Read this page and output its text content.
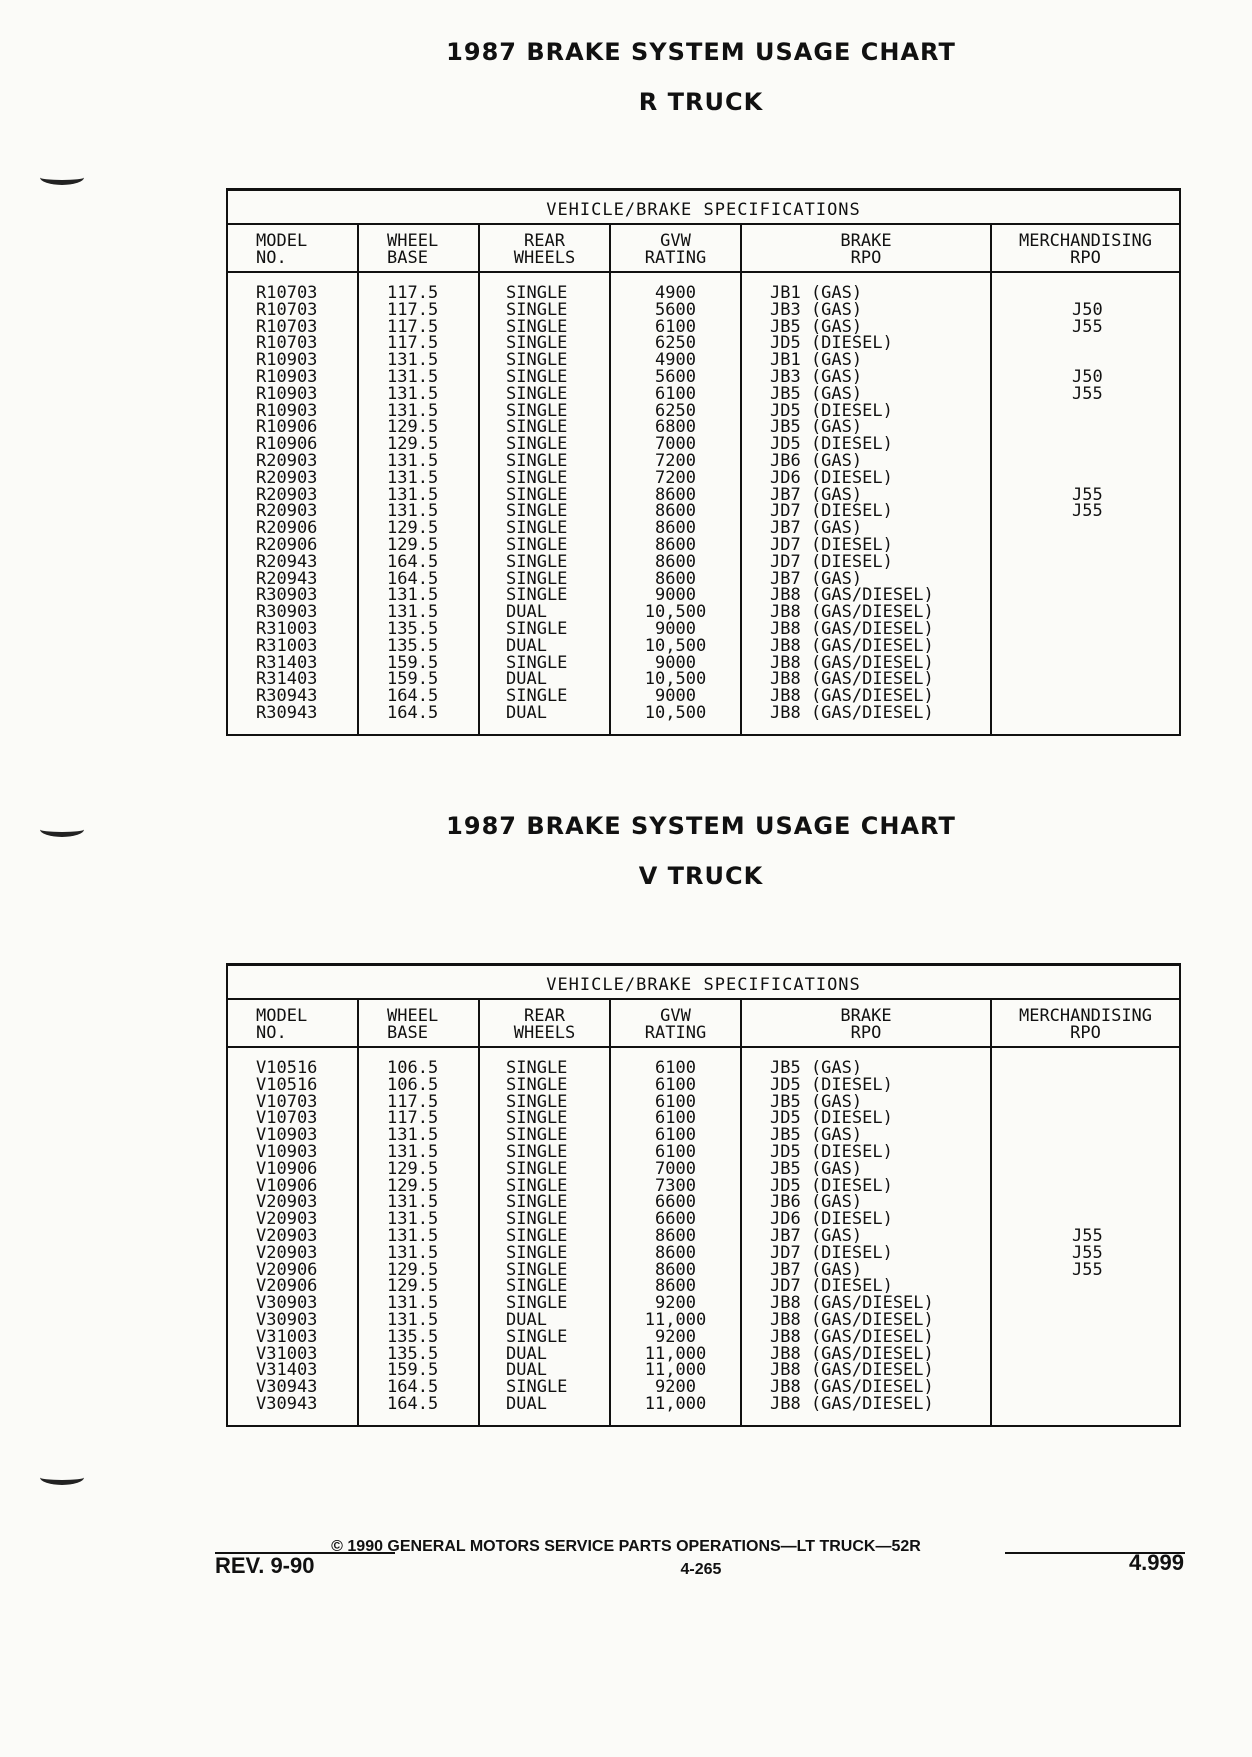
1987 BRAKE SYSTEM USAGE CHART
R TRUCK
VEHICLE/BRAKE SPECIFICATIONS
MODEL
NO.
R10703
R10703
R10703
R10703
R10903
R10903
R10903
R10903
R10906
R10906
R20903
R20903
R20903
R20903
R20906
R20906
R20943
R20943
R30903
R30903
R31003
R31003
R31403
R31403
R30943
R30943
WHEEL
BASE
117.5
117.5
117.5
117.5
131.5
131.5
131.5
131.5
129.5
129.5
131.5
131.5
131.5
131.5
129.5
129.5
164.5
164.5
131.5
131.5
135.5
135.5
159.5
159.5
164.5
164.5
REAR
WHEELS
SINGLE
SINGLE
SINGLE
SINGLE
SINGLE
SINGLE
SINGLE
SINGLE
SINGLE
SINGLE
SINGLE
SINGLE
SINGLE
SINGLE
SINGLE
SINGLE
SINGLE
SINGLE
SINGLE
DUAL
SINGLE
DUAL
SINGLE
DUAL
SINGLE
DUAL
GVW
RATING
4900
5600
6100
6250
4900
5600
6100
6250
6800
7000
7200
7200
8600
8600
8600
8600
8600
8600
9000
10,500
9000
10,500
9000
10,500
9000
10,500
BRAKE
RPO
JB1 (GAS)
JB3 (GAS)
JB5 (GAS)
JD5 (DIESEL)
JB1 (GAS)
JB3 (GAS)
JB5 (GAS)
JD5 (DIESEL)
JB5 (GAS)
JD5 (DIESEL)
JB6 (GAS)
JD6 (DIESEL)
JB7 (GAS)
JD7 (DIESEL)
JB7 (GAS)
JD7 (DIESEL)
JD7 (DIESEL)
JB7 (GAS)
JB8 (GAS/DIESEL)
JB8 (GAS/DIESEL)
JB8 (GAS/DIESEL)
JB8 (GAS/DIESEL)
JB8 (GAS/DIESEL)
JB8 (GAS/DIESEL)
JB8 (GAS/DIESEL)
JB8 (GAS/DIESEL)
MERCHANDISING
RPO
J50
J55
J50
J55
J55
J55
1987 BRAKE SYSTEM USAGE CHART
V TRUCK
VEHICLE/BRAKE SPECIFICATIONS
MODEL
NO.
V10516
V10516
V10703
V10703
V10903
V10903
V10906
V10906
V20903
V20903
V20903
V20903
V20906
V20906
V30903
V30903
V31003
V31003
V31403
V30943
V30943
WHEEL
BASE
106.5
106.5
117.5
117.5
131.5
131.5
129.5
129.5
131.5
131.5
131.5
131.5
129.5
129.5
131.5
131.5
135.5
135.5
159.5
164.5
164.5
REAR
WHEELS
SINGLE
SINGLE
SINGLE
SINGLE
SINGLE
SINGLE
SINGLE
SINGLE
SINGLE
SINGLE
SINGLE
SINGLE
SINGLE
SINGLE
SINGLE
DUAL
SINGLE
DUAL
DUAL
SINGLE
DUAL
GVW
RATING
6100
6100
6100
6100
6100
6100
7000
7300
6600
6600
8600
8600
8600
8600
9200
11,000
9200
11,000
11,000
9200
11,000
BRAKE
RPO
JB5 (GAS)
JD5 (DIESEL)
JB5 (GAS)
JD5 (DIESEL)
JB5 (GAS)
JD5 (DIESEL)
JB5 (GAS)
JD5 (DIESEL)
JB6 (GAS)
JD6 (DIESEL)
JB7 (GAS)
JD7 (DIESEL)
JB7 (GAS)
JD7 (DIESEL)
JB8 (GAS/DIESEL)
JB8 (GAS/DIESEL)
JB8 (GAS/DIESEL)
JB8 (GAS/DIESEL)
JB8 (GAS/DIESEL)
JB8 (GAS/DIESEL)
JB8 (GAS/DIESEL)
MERCHANDISING
RPO
J55
J55
J55
REV. 9-90
© 1990 GENERAL MOTORS SERVICE PARTS OPERATIONS—LT TRUCK—52R
4-265	4.999
